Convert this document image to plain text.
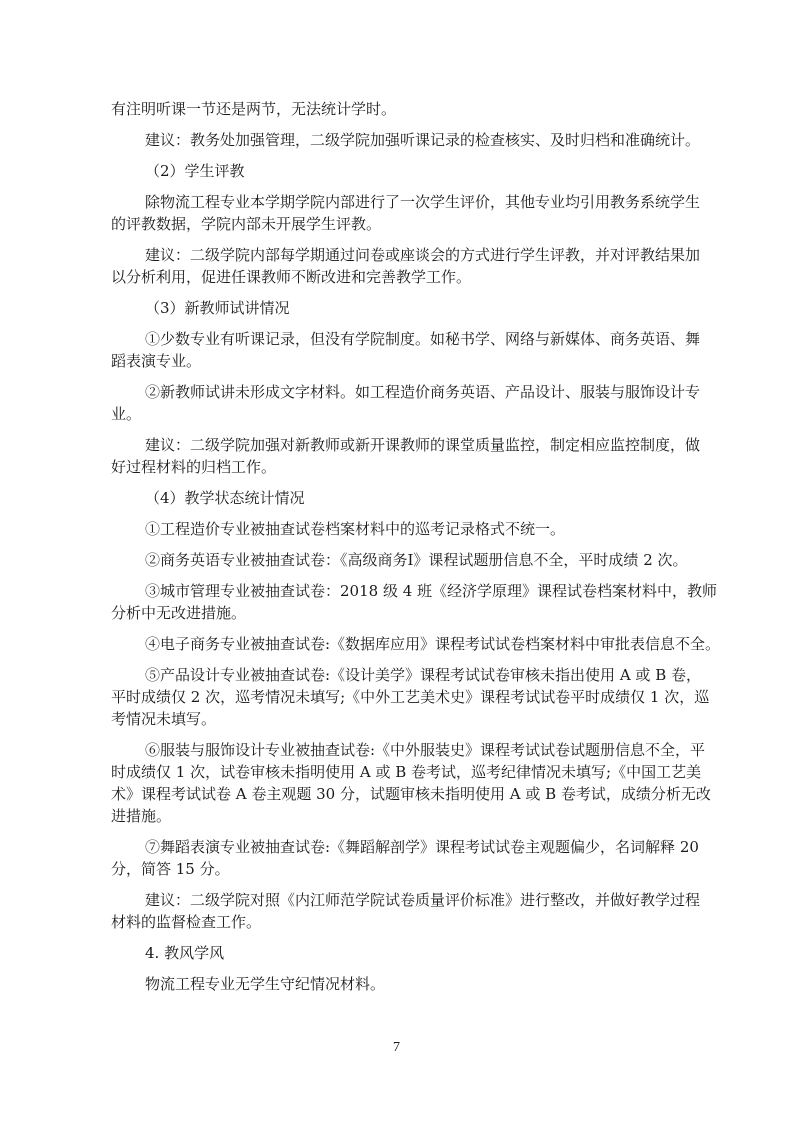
有注明听课一节还是两节，无法统计学时。

建议：教务处加强管理，二级学院加强听课记录的检查核实、及时归档和准确统计。

（2）学生评教

除物流工程专业本学期学院内部进行了一次学生评价，其他专业均引用教务系统学生

的评教数据，学院内部未开展学生评教。

建议：二级学院内部每学期通过问卷或座谈会的方式进行学生评教，并对评教结果加

以分析利用，促进任课教师不断改进和完善教学工作。

（3）新教师试讲情况

①少数专业有听课记录，但没有学院制度。如秘书学、网络与新媒体、商务英语、舞

蹈表演专业。

②新教师试讲未形成文字材料。如工程造价商务英语、产品设计、服装与服饰设计专

业。

建议：二级学院加强对新教师或新开课教师的课堂质量监控，制定相应监控制度，做

好过程材料的归档工作。

（4）教学状态统计情况

①工程造价专业被抽查试卷档案材料中的巡考记录格式不统一。

②商务英语专业被抽查试卷：《高级商务Ⅰ》课程试题册信息不全，平时成绩 2 次。

③城市管理专业被抽查试卷：2018 级 4 班《经济学原理》课程试卷档案材料中，教师

分析中无改进措施。

④电子商务专业被抽查试卷:《数据库应用》课程考试试卷档案材料中审批表信息不全。

⑤产品设计专业被抽查试卷:《设计美学》课程考试试卷审核未指出使用 A 或 B 卷，

平时成绩仅 2 次，巡考情况未填写;《中外工艺美术史》课程考试试卷平时成绩仅 1 次，巡

考情况未填写。

⑥服装与服饰设计专业被抽查试卷:《中外服装史》课程考试试卷试题册信息不全，平

时成绩仅 1 次，试卷审核未指明使用 A 或 B 卷考试，巡考纪律情况未填写;《中国工艺美

术》课程考试试卷 A 卷主观题 30 分，试题审核未指明使用 A 或 B 卷考试，成绩分析无改

进措施。

⑦舞蹈表演专业被抽查试卷:《舞蹈解剖学》课程考试试卷主观题偏少，名词解释 20

分，简答 15 分。

建议：二级学院对照《内江师范学院试卷质量评价标准》进行整改，并做好教学过程

材料的监督检查工作。

4. 教风学风

物流工程专业无学生守纪情况材料。

7
